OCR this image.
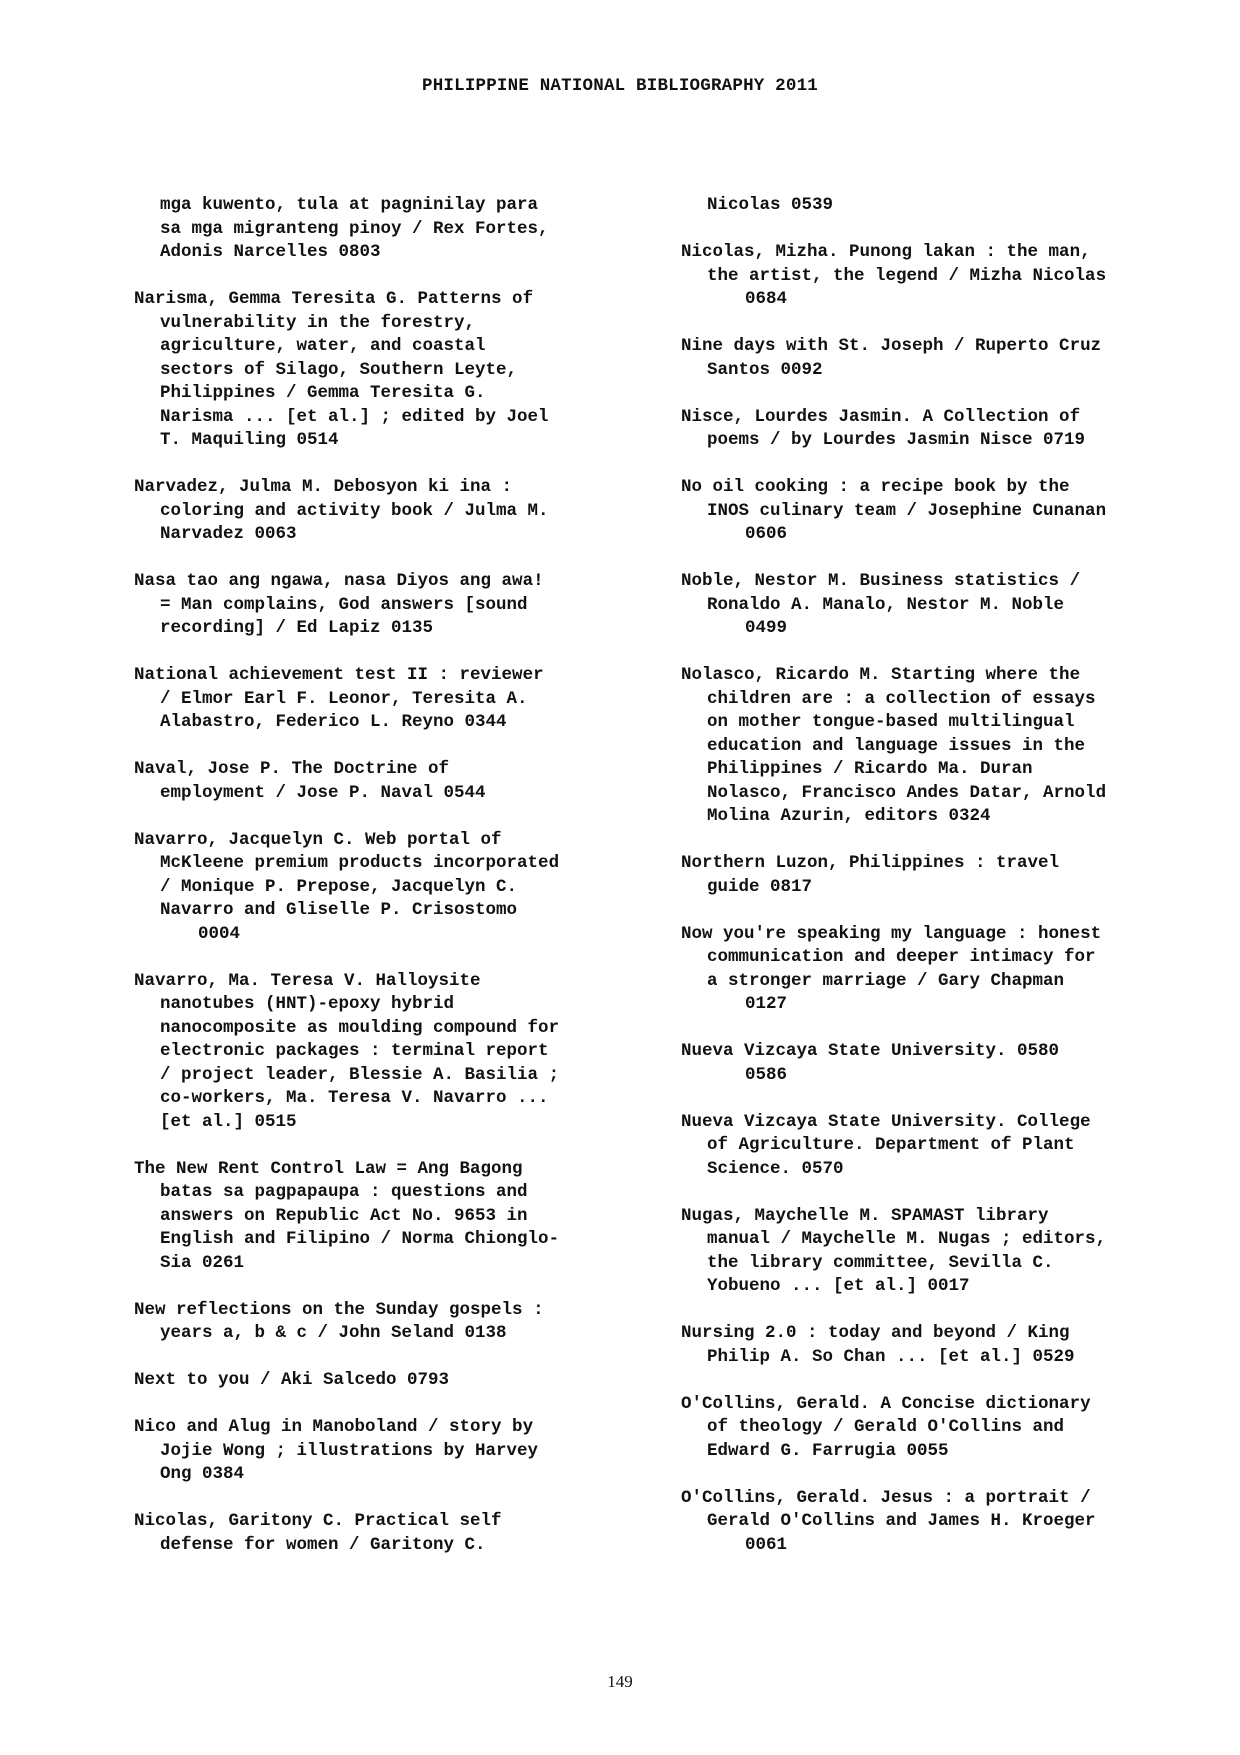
PHILIPPINE NATIONAL BIBLIOGRAPHY 2011
mga kuwento, tula at pagninilay para
sa mga migranteng pinoy / Rex Fortes,
Adonis Narcelles 0803
Narisma, Gemma Teresita G. Patterns of
vulnerability in the forestry,
agriculture, water, and coastal
sectors of Silago, Southern Leyte,
Philippines / Gemma Teresita G.
Narisma ... [et al.] ; edited by Joel
T. Maquiling 0514
Narvadez, Julma M. Debosyon ki ina :
coloring and activity book / Julma M.
Narvadez 0063
Nasa tao ang ngawa, nasa Diyos ang awa!
= Man complains, God answers [sound
recording] / Ed Lapiz 0135
National achievement test II : reviewer
/ Elmor Earl F. Leonor, Teresita A.
Alabastro, Federico L. Reyno 0344
Naval, Jose P. The Doctrine of
employment / Jose P. Naval 0544
Navarro, Jacquelyn C. Web portal of
McKleene premium products incorporated
/ Monique P. Prepose, Jacquelyn C.
Navarro and Gliselle P. Crisostomo
0004
Navarro, Ma. Teresa V. Halloysite
nanotubes (HNT)-epoxy hybrid
nanocomposite as moulding compound for
electronic packages : terminal report
/ project leader, Blessie A. Basilia ;
co-workers, Ma. Teresa V. Navarro ...
[et al.] 0515
The New Rent Control Law = Ang Bagong
batas sa pagpapaupa : questions and
answers on Republic Act No. 9653 in
English and Filipino / Norma Chionglo-
Sia 0261
New reflections on the Sunday gospels :
years a, b & c / John Seland 0138
Next to you / Aki Salcedo 0793
Nico and Alug in Manoboland / story by
Jojie Wong ; illustrations by Harvey
Ong 0384
Nicolas, Garitony C. Practical self
defense for women / Garitony C.
Nicolas 0539
Nicolas, Mizha. Punong lakan : the man,
the artist, the legend / Mizha Nicolas
0684
Nine days with St. Joseph / Ruperto Cruz
Santos 0092
Nisce, Lourdes Jasmin. A Collection of
poems / by Lourdes Jasmin Nisce 0719
No oil cooking : a recipe book by the
INOS culinary team / Josephine Cunanan
0606
Noble, Nestor M. Business statistics /
Ronaldo A. Manalo, Nestor M. Noble
0499
Nolasco, Ricardo M. Starting where the
children are : a collection of essays
on mother tongue-based multilingual
education and language issues in the
Philippines / Ricardo Ma. Duran
Nolasco, Francisco Andes Datar, Arnold
Molina Azurin, editors 0324
Northern Luzon, Philippines : travel
guide 0817
Now you're speaking my language : honest
communication and deeper intimacy for
a stronger marriage / Gary Chapman
0127
Nueva Vizcaya State University. 0580
0586
Nueva Vizcaya State University. College
of Agriculture. Department of Plant
Science. 0570
Nugas, Maychelle M. SPAMAST library
manual / Maychelle M. Nugas ; editors,
the library committee, Sevilla C.
Yobueno ... [et al.] 0017
Nursing 2.0 : today and beyond / King
Philip A. So Chan ... [et al.] 0529
O'Collins, Gerald. A Concise dictionary
of theology / Gerald O'Collins and
Edward G. Farrugia 0055
O'Collins, Gerald. Jesus : a portrait /
Gerald O'Collins and James H. Kroeger
0061
149
